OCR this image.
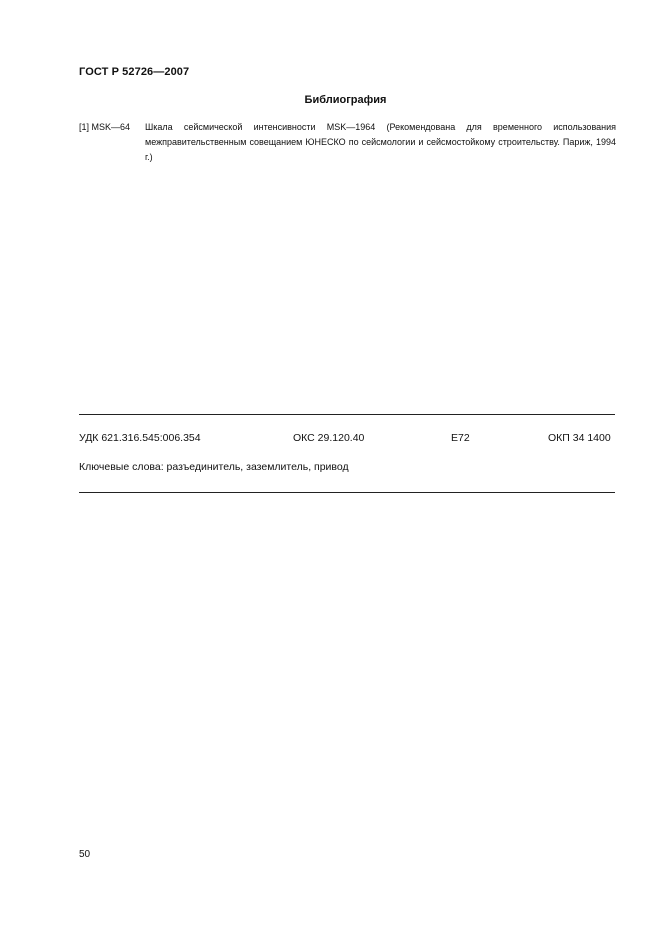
ГОСТ Р 52726—2007
Библиография
[1] MSK—64 Шкала сейсмической интенсивности MSK—1964 (Рекомендована для временного использования межправительственным совещанием ЮНЕСКО по сейсмологии и сейсмостойкому строительству. Париж, 1994 г.)
УДК 621.316.545:006.354	ОКС 29.120.40	Е72	ОКП 34 1400
Ключевые слова: разъединитель, заземлитель, привод
50
